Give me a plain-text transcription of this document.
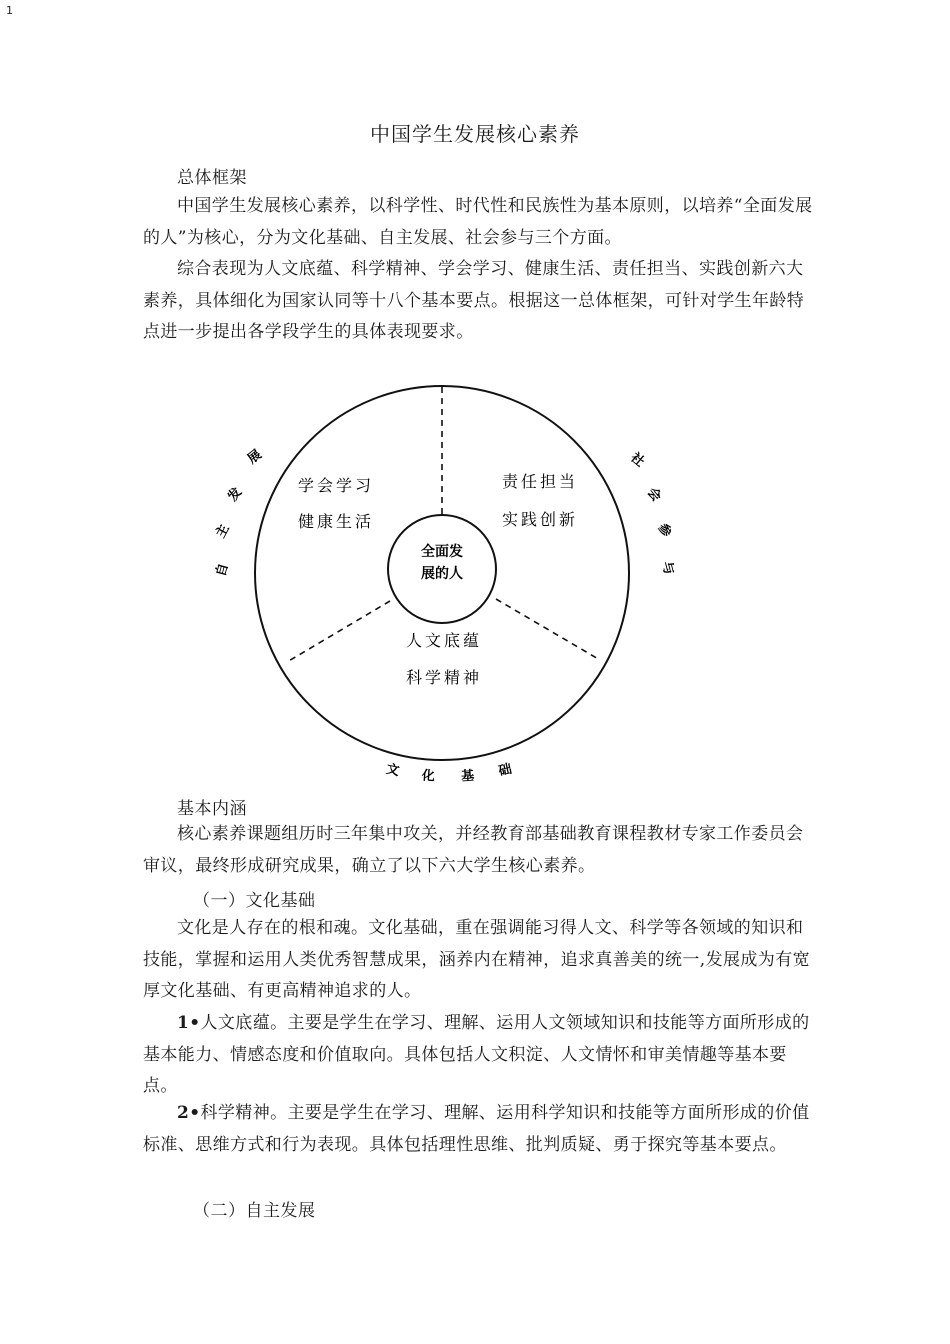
1
中国学生发展核心素养
总体框架

中国学生发展核心素养，以科学性、时代性和民族性为基本原则，以培养“全面发展的人”为核心，分为文化基础、自主发展、社会参与三个方面。

综合表现为人文底蕴、科学精神、学会学习、健康生活、责任担当、实践创新六大素养，具体细化为国家认同等十八个基本要点。根据这一总体框架，可针对学生年龄特点进一步提出各学段学生的具体表现要求。

全面发
展的人
学会学习
健康生活
责任担当
实践创新
人文底蕴
科学精神
自
主
发
展	社
会
参
与
文 化 基 础
基本内涵

核心素养课题组历时三年集中攻关，并经教育部基础教育课程教材专家工作委员会审议，最终形成研究成果，确立了以下六大学生核心素养。

（一）文化基础

文化是人存在的根和魂。文化基础，重在强调能习得人文、科学等各领域的知识和技能，掌握和运用人类优秀智慧成果，涵养内在精神，追求真善美的统一,发展成为有宽厚文化基础、有更高精神追求的人。

1•人文底蕴。主要是学生在学习、理解、运用人文领域知识和技能等方面所形成的基本能力、情感态度和价值取向。具体包括人文积淀、人文情怀和审美情趣等基本要点。

2•科学精神。主要是学生在学习、理解、运用科学知识和技能等方面所形成的价值标准、思维方式和行为表现。具体包括理性思维、批判质疑、勇于探究等基本要点。

（二）自主发展
